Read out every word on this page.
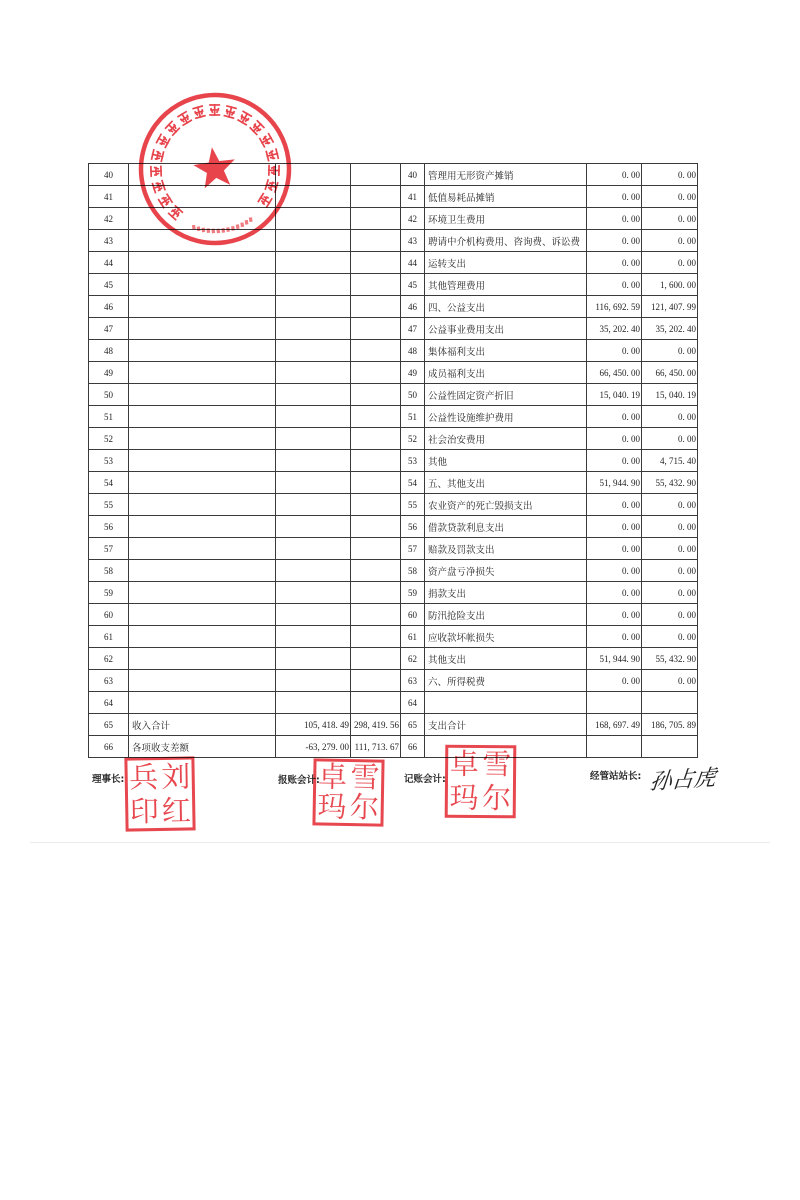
40				40	管理用无形资产摊销	0. 00	0. 00
41				41	低值易耗品摊销	0. 00	0. 00
42				42	环境卫生费用	0. 00	0. 00
43				43	聘请中介机构费用、咨询费、诉讼费	0. 00	0. 00
44				44	运转支出	0. 00	0. 00
45				45	其他管理费用	0. 00	1, 600. 00
46				46	四、公益支出	116, 692. 59	121, 407. 99
47				47	公益事业费用支出	35, 202. 40	35, 202. 40
48				48	集体福利支出	0. 00	0. 00
49				49	成员福利支出	66, 450. 00	66, 450. 00
50				50	公益性固定资产折旧	15, 040. 19	15, 040. 19
51				51	公益性设施维护费用	0. 00	0. 00
52				52	社会治安费用	0. 00	0. 00
53				53	其他	0. 00	4, 715. 40
54				54	五、其他支出	51, 944. 90	55, 432. 90
55				55	农业资产的死亡毁损支出	0. 00	0. 00
56				56	借款贷款利息支出	0. 00	0. 00
57				57	赔款及罚款支出	0. 00	0. 00
58				58	资产盘亏净损失	0. 00	0. 00
59				59	捐款支出	0. 00	0. 00
60				60	防汛抢险支出	0. 00	0. 00
61				61	应收款坏帐损失	0. 00	0. 00
62				62	其他支出	51, 944. 90	55, 432. 90
63				63	六、所得税费	0. 00	0. 00
64				64			
65	收入合计	105, 418. 49	298, 419. 56	65	支出合计	168, 697. 49	186, 705. 89
66	各项收支差额	-63, 279. 00	111, 713. 67	66			
理事长: 兵 刘
印 红
报账会计:
卓 雪
玛 尔
记账会计: 卓 雪
玛 尔
经管站站长: 孙占虎
